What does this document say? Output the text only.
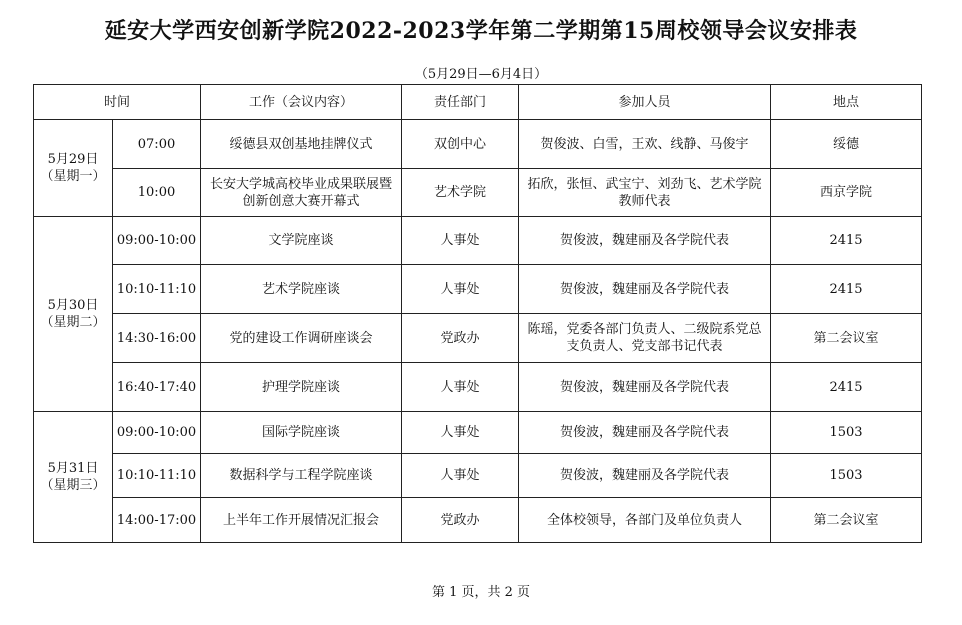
延安大学西安创新学院2022-2023学年第二学期第15周校领导会议安排表
（5月29日—6月4日）
时间		工作（会议内容）	责任部门	参加人员	地点

5月29日
（星期一）	07:00	绥德县双创基地挂牌仪式	双创中心	贺俊波、白雪，王欢、线静、马俊宇	绥德
	10:00	长安大学城高校毕业成果联展暨创新创意大赛开幕式	艺术学院	拓欣，张恒、武宝宁、刘劲飞、艺术学院教师代表	西京学院

5月30日
（星期二）	09:00-10:00	文学院座谈	人事处	贺俊波，魏建丽及各学院代表	2415
	10:10-11:10	艺术学院座谈	人事处	贺俊波，魏建丽及各学院代表	2415
	14:30-16:00	党的建设工作调研座谈会	党政办	陈瑶，党委各部门负责人、二级院系党总支负责人、党支部书记代表	第二会议室
	16:40-17:40	护理学院座谈	人事处	贺俊波，魏建丽及各学院代表	2415

5月31日
（星期三）	09:00-10:00	国际学院座谈	人事处	贺俊波，魏建丽及各学院代表	1503
	10:10-11:10	数据科学与工程学院座谈	人事处	贺俊波，魏建丽及各学院代表	1503
	14:00-17:00	上半年工作开展情况汇报会	党政办	全体校领导，各部门及单位负责人	第二会议室
第 1 页，共 2 页
